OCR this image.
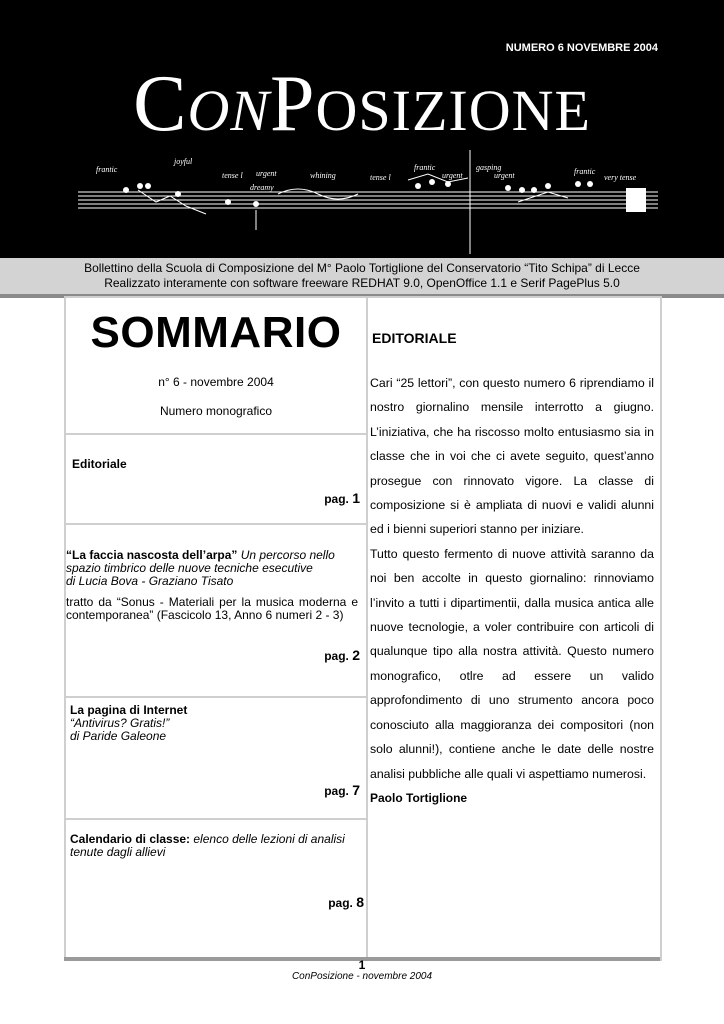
NUMERO 6 NOVEMBRE 2004
CONPOSIZIONE
frantic joyful tense l urgent	whining dreamy tense l frantic urgent gasping urgent	frantic very tense
Bollettino della Scuola di Composizione del M° Paolo Tortiglione del Conservatorio “Tito Schipa” di Lecce
Realizzato interamente con software freeware REDHAT 9.0, OpenOffice 1.1 e Serif PagePlus 5.0
SOMMARIO
n° 6 - novembre 2004
Numero monografico
Editoriale
pag. 1
“La faccia nascosta dell’arpa” Un percorso nello spazio timbrico delle nuove tecniche esecutive
di Lucia Bova - Graziano Tisato
tratto da “Sonus - Materiali per la musica moderna e contemporanea” (Fascicolo 13, Anno 6 numeri 2 - 3)
pag. 2
La pagina di Internet
“Antivirus? Gratis!”
di Paride Galeone
pag. 7
Calendario di classe: elenco delle lezioni di analisi tenute dagli allievi
pag. 8
EDITORIALE

Cari “25 lettori”, con questo numero 6 riprendiamo il nostro giornalino mensile interrotto a giugno. L’iniziativa, che ha riscosso molto entusiasmo sia in classe che in voi che ci avete seguito, quest’anno prosegue con rinnovato vigore. La classe di composizione si è ampliata di nuovi e validi alunni ed i bienni superiori stanno per iniziare.

Tutto questo fermento di nuove attività saranno da noi ben accolte in questo giornalino: rinnoviamo l’invito a tutti i dipartimentii, dalla musica antica alle nuove tecnologie, a voler contribuire con articoli di qualunque tipo alla nostra attività. Questo numero monografico, otlre ad essere un valido approfondimento di uno strumento ancora poco conosciuto alla maggioranza dei compositori (non solo alunni!), contiene anche le date delle nostre analisi pubbliche alle quali vi aspettiamo numerosi.

Paolo Tortiglione
1
ConPosizione - novembre 2004
